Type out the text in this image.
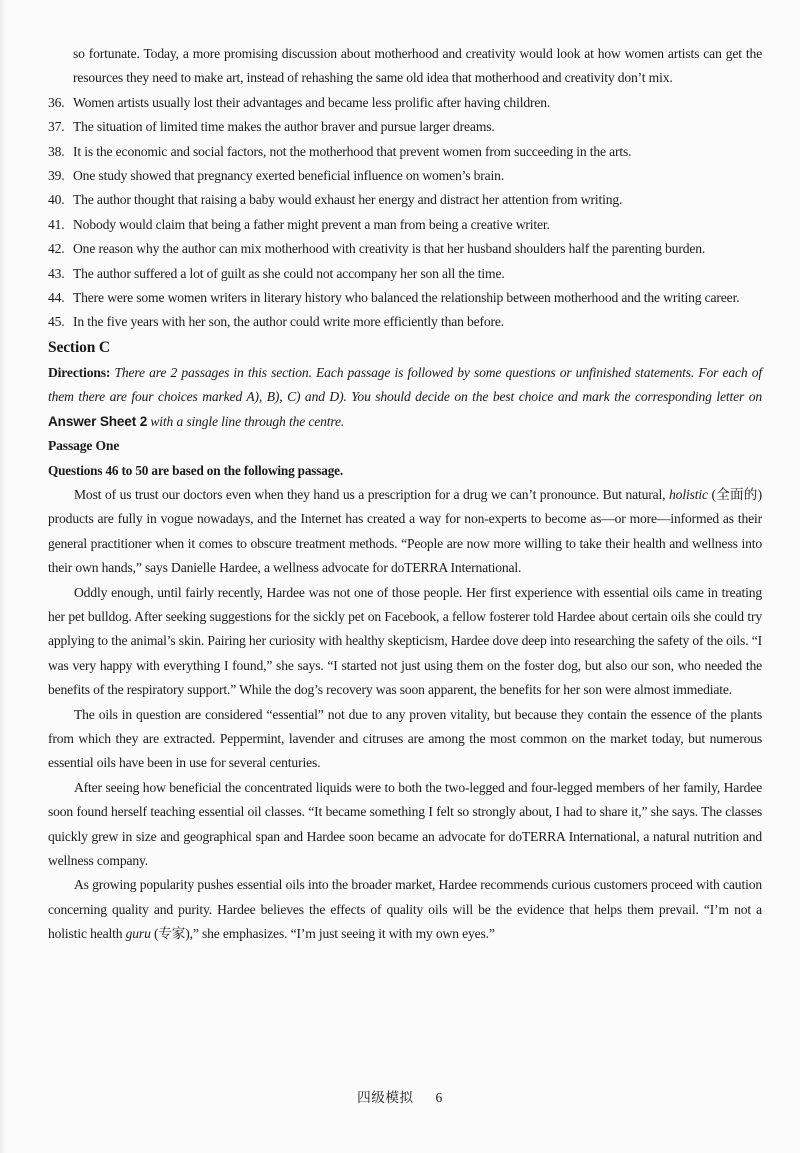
so fortunate. Today, a more promising discussion about motherhood and creativity would look at how women artists can get the resources they need to make art, instead of rehashing the same old idea that motherhood and creativity don’t mix.
36. Women artists usually lost their advantages and became less prolific after having children.
37. The situation of limited time makes the author braver and pursue larger dreams.
38. It is the economic and social factors, not the motherhood that prevent women from succeeding in the arts.
39. One study showed that pregnancy exerted beneficial influence on women’s brain.
40. The author thought that raising a baby would exhaust her energy and distract her attention from writing.
41. Nobody would claim that being a father might prevent a man from being a creative writer.
42. One reason why the author can mix motherhood with creativity is that her husband shoulders half the parenting burden.
43. The author suffered a lot of guilt as she could not accompany her son all the time.
44. There were some women writers in literary history who balanced the relationship between motherhood and the writing career.
45. In the five years with her son, the author could write more efficiently than before.
Section C
Directions: There are 2 passages in this section. Each passage is followed by some questions or unfinished statements. For each of them there are four choices marked A), B), C) and D). You should decide on the best choice and mark the corresponding letter on Answer Sheet 2 with a single line through the centre.
Passage One
Questions 46 to 50 are based on the following passage.
Most of us trust our doctors even when they hand us a prescription for a drug we can’t pronounce. But natural, holistic (全面的) products are fully in vogue nowadays, and the Internet has created a way for non-experts to become as—or more—informed as their general practitioner when it comes to obscure treatment methods. “People are now more willing to take their health and wellness into their own hands,” says Danielle Hardee, a wellness advocate for doTERRA International.
Oddly enough, until fairly recently, Hardee was not one of those people. Her first experience with essential oils came in treating her pet bulldog. After seeking suggestions for the sickly pet on Facebook, a fellow fosterer told Hardee about certain oils she could try applying to the animal’s skin. Pairing her curiosity with healthy skepticism, Hardee dove deep into researching the safety of the oils. “I was very happy with everything I found,” she says. “I started not just using them on the foster dog, but also our son, who needed the benefits of the respiratory support.” While the dog’s recovery was soon apparent, the benefits for her son were almost immediate.
The oils in question are considered “essential” not due to any proven vitality, but because they contain the essence of the plants from which they are extracted. Peppermint, lavender and citruses are among the most common on the market today, but numerous essential oils have been in use for several centuries.
After seeing how beneficial the concentrated liquids were to both the two-legged and four-legged members of her family, Hardee soon found herself teaching essential oil classes. “It became something I felt so strongly about, I had to share it,” she says. The classes quickly grew in size and geographical span and Hardee soon became an advocate for doTERRA International, a natural nutrition and wellness company.
As growing popularity pushes essential oils into the broader market, Hardee recommends curious customers proceed with caution concerning quality and purity. Hardee believes the effects of quality oils will be the evidence that helps them prevail. “I’m not a holistic health guru (专家),” she emphasizes. “I’m just seeing it with my own eyes.”
四级模拟 6
